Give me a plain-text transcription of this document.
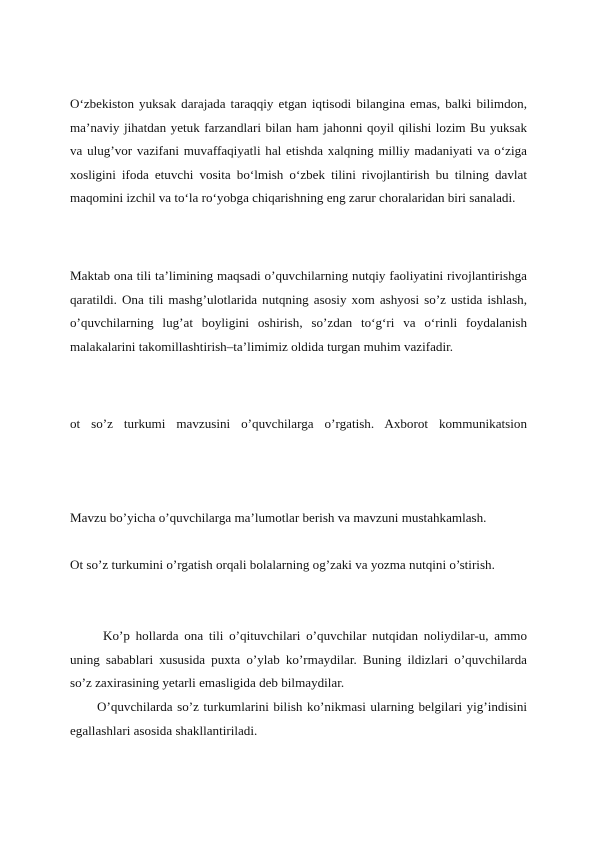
O‘zbekiston yuksak darajada taraqqiy etgan iqtisodi bilangina emas, balki bilimdon, ma’naviy jihatdan yetuk farzandlari bilan ham jahonni qoyil qilishi lozim Bu yuksak va ulug’vor vazifani muvaffaqiyatli hal etishda xalqning milliy madaniyati va o‘ziga xosligini ifoda etuvchi vosita bo‘lmish o‘zbek tilini rivojlantirish bu tilning davlat maqomini izchil va to‘la ro‘yobga chiqarishning eng zarur choralaridan biri sanaladi.

Maktab ona tili ta’limining maqsadi o’quvchilarning nutqiy faoliyatini rivojlantirishga qaratildi. Ona tili mashg’ulotlarida nutqning asosiy xom ashyosi so’z ustida ishlash, o’quvchilarning lug’at boyligini oshirish, so’zdan to‘g‘ri va o‘rinli foydalanish malakalarini takomillashtirish–ta’limimiz oldida turgan muhim vazifadir.

ot so’z turkumi mavzusini o’quvchilarga o’rgatish. Axborot kommunikatsion

Mavzu bo’yicha o’quvchilarga ma’lumotlar berish va mavzuni mustahkamlash.

Ot so’z turkumini o’rgatish orqali bolalarning og’zaki va yozma nutqini o’stirish.

Ko’p hollarda ona tili o’qituvchilari o’quvchilar nutqidan noliydilar-u, ammo uning sabablari xususida puxta o’ylab ko’rmaydilar. Buning ildizlari o’quvchilarda so’z zaxirasining yetarli emasligida deb bilmaydilar.

O’quvchilarda so’z turkumlarini bilish ko’nikmasi ularning belgilari yig’indisini egallashlari asosida shakllantiriladi.
